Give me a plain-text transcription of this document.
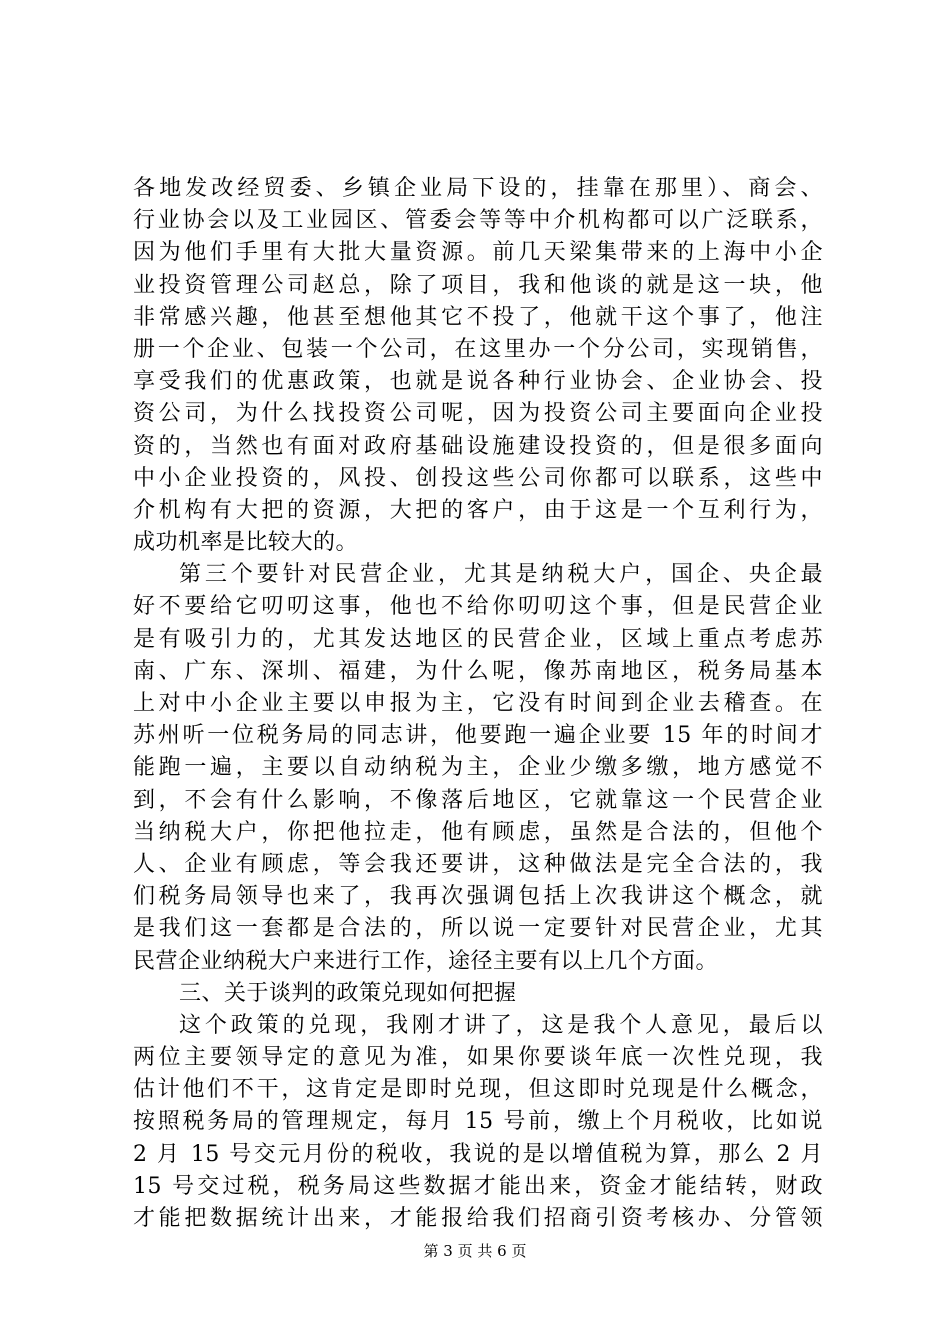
各地发改经贸委、乡镇企业局下设的，挂靠在那里）、商会、
行业协会以及工业园区、管委会等等中介机构都可以广泛联系，
因为他们手里有大批大量资源。前几天梁集带来的上海中小企
业投资管理公司赵总，除了项目，我和他谈的就是这一块，他
非常感兴趣，他甚至想他其它不投了，他就干这个事了，他注
册一个企业、包装一个公司，在这里办一个分公司，实现销售，
享受我们的优惠政策，也就是说各种行业协会、企业协会、投
资公司，为什么找投资公司呢，因为投资公司主要面向企业投
资的，当然也有面对政府基础设施建设投资的，但是很多面向
中小企业投资的，风投、创投这些公司你都可以联系，这些中
介机构有大把的资源，大把的客户，由于这是一个互利行为，
成功机率是比较大的。
第三个要针对民营企业，尤其是纳税大户，国企、央企最
好不要给它叨叨这事，他也不给你叨叨这个事，但是民营企业
是有吸引力的，尤其发达地区的民营企业，区域上重点考虑苏
南、广东、深圳、福建，为什么呢，像苏南地区，税务局基本
上对中小企业主要以申报为主，它没有时间到企业去稽查。在
苏州听一位税务局的同志讲，他要跑一遍企业要 15 年的时间才
能跑一遍，主要以自动纳税为主，企业少缴多缴，地方感觉不
到，不会有什么影响，不像落后地区，它就靠这一个民营企业
当纳税大户，你把他拉走，他有顾虑，虽然是合法的，但他个
人、企业有顾虑，等会我还要讲，这种做法是完全合法的，我
们税务局领导也来了，我再次强调包括上次我讲这个概念，就
是我们这一套都是合法的，所以说一定要针对民营企业，尤其
民营企业纳税大户来进行工作，途径主要有以上几个方面。
三、关于谈判的政策兑现如何把握
这个政策的兑现，我刚才讲了，这是我个人意见，最后以
两位主要领导定的意见为准，如果你要谈年底一次性兑现，我
估计他们不干，这肯定是即时兑现，但这即时兑现是什么概念，
按照税务局的管理规定，每月 15 号前，缴上个月税收，比如说
2 月 15 号交元月份的税收，我说的是以增值税为算，那么 2 月
15 号交过税，税务局这些数据才能出来，资金才能结转，财政
才能把数据统计出来，才能报给我们招商引资考核办、分管领
第 3 页 共 6 页
